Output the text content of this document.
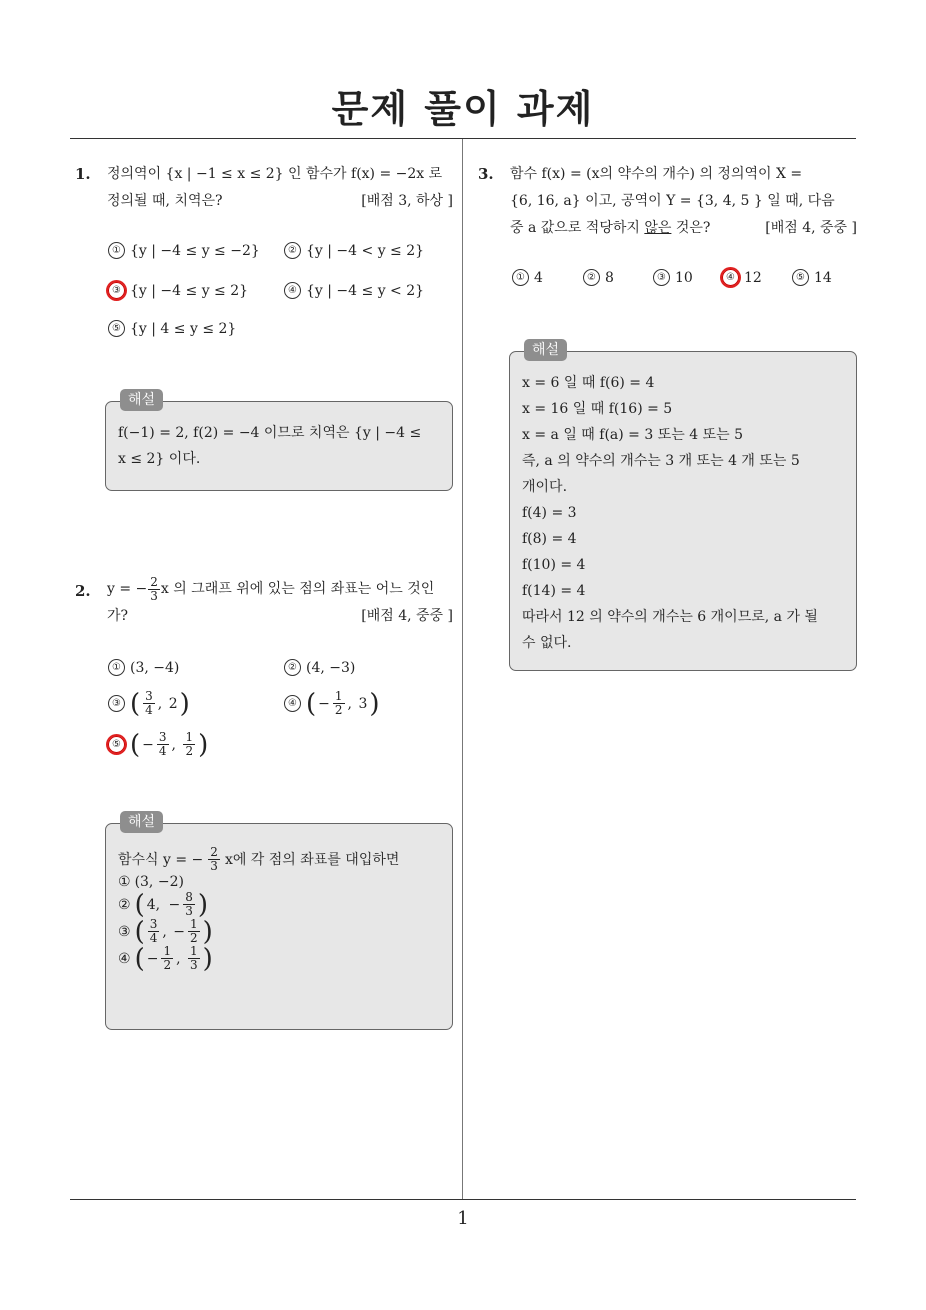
문제 풀이 과제
1. 정의역이 {x | −1 ≤ x ≤ 2} 인 함수가 f(x) = −2x 로
정의될 때, 치역은?	[배점 3, 하상 ]
① {y | −4 ≤ y ≤ −2}	② {y | −4 < y ≤ 2}
③ {y | −4 ≤ y ≤ 2}	④ {y | −4 ≤ y < 2}
⑤ {y | 4 ≤ y ≤ 2}
해설

f(−1) = 2, f(2) = −4 이므로 치역은 {y | −4 ≤

x ≤ 2} 이다.

2. y = − $\frac{2}{3}$ x 의 그래프 위에 있는 점의 좌표는 어느 것인
가?	[배점 4, 중중 ]
① (3, −4)	② (4, −3)
③ ( $\frac{3}{4}$ , 2 )	④ ( − $\frac{1}{2}$ , 3 )
⑤ ( − $\frac{3}{4}$ , $\frac{1}{2}$ )
해설
함수식 y = − $\frac{2}{3}$ x에 각 점의 좌표를 대입하면
① (3, −2)
② ( 4,
− $\frac{8}{3}$ )
③ ( $\frac{3}{4}$ , − $\frac{1}{2}$ )
④ ( − $\frac{1}{2}$ , $\frac{1}{3}$ )
3. 함수 f(x) = (x의 약수의 개수) 의 정의역이 X =
{6, 16, a} 이고, 공역이 Y = {3, 4, 5 } 일 때, 다음
중 a 값으로 적당하지 않은 것은?	[배점 4, 중중 ]
① 4	② 8	③ 10	④ 12	⑤ 14
해설

x = 6 일 때 f(6) = 4

x = 16 일 때 f(16) = 5

x = a 일 때 f(a) = 3 또는 4 또는 5

즉, a 의 약수의 개수는 3 개 또는 4 개 또는 5

개이다.

f(4) = 3

f(8) = 4

f(10) = 4

f(14) = 4

따라서 12 의 약수의 개수는 6 개이므로, a 가 될

수 없다.

1
